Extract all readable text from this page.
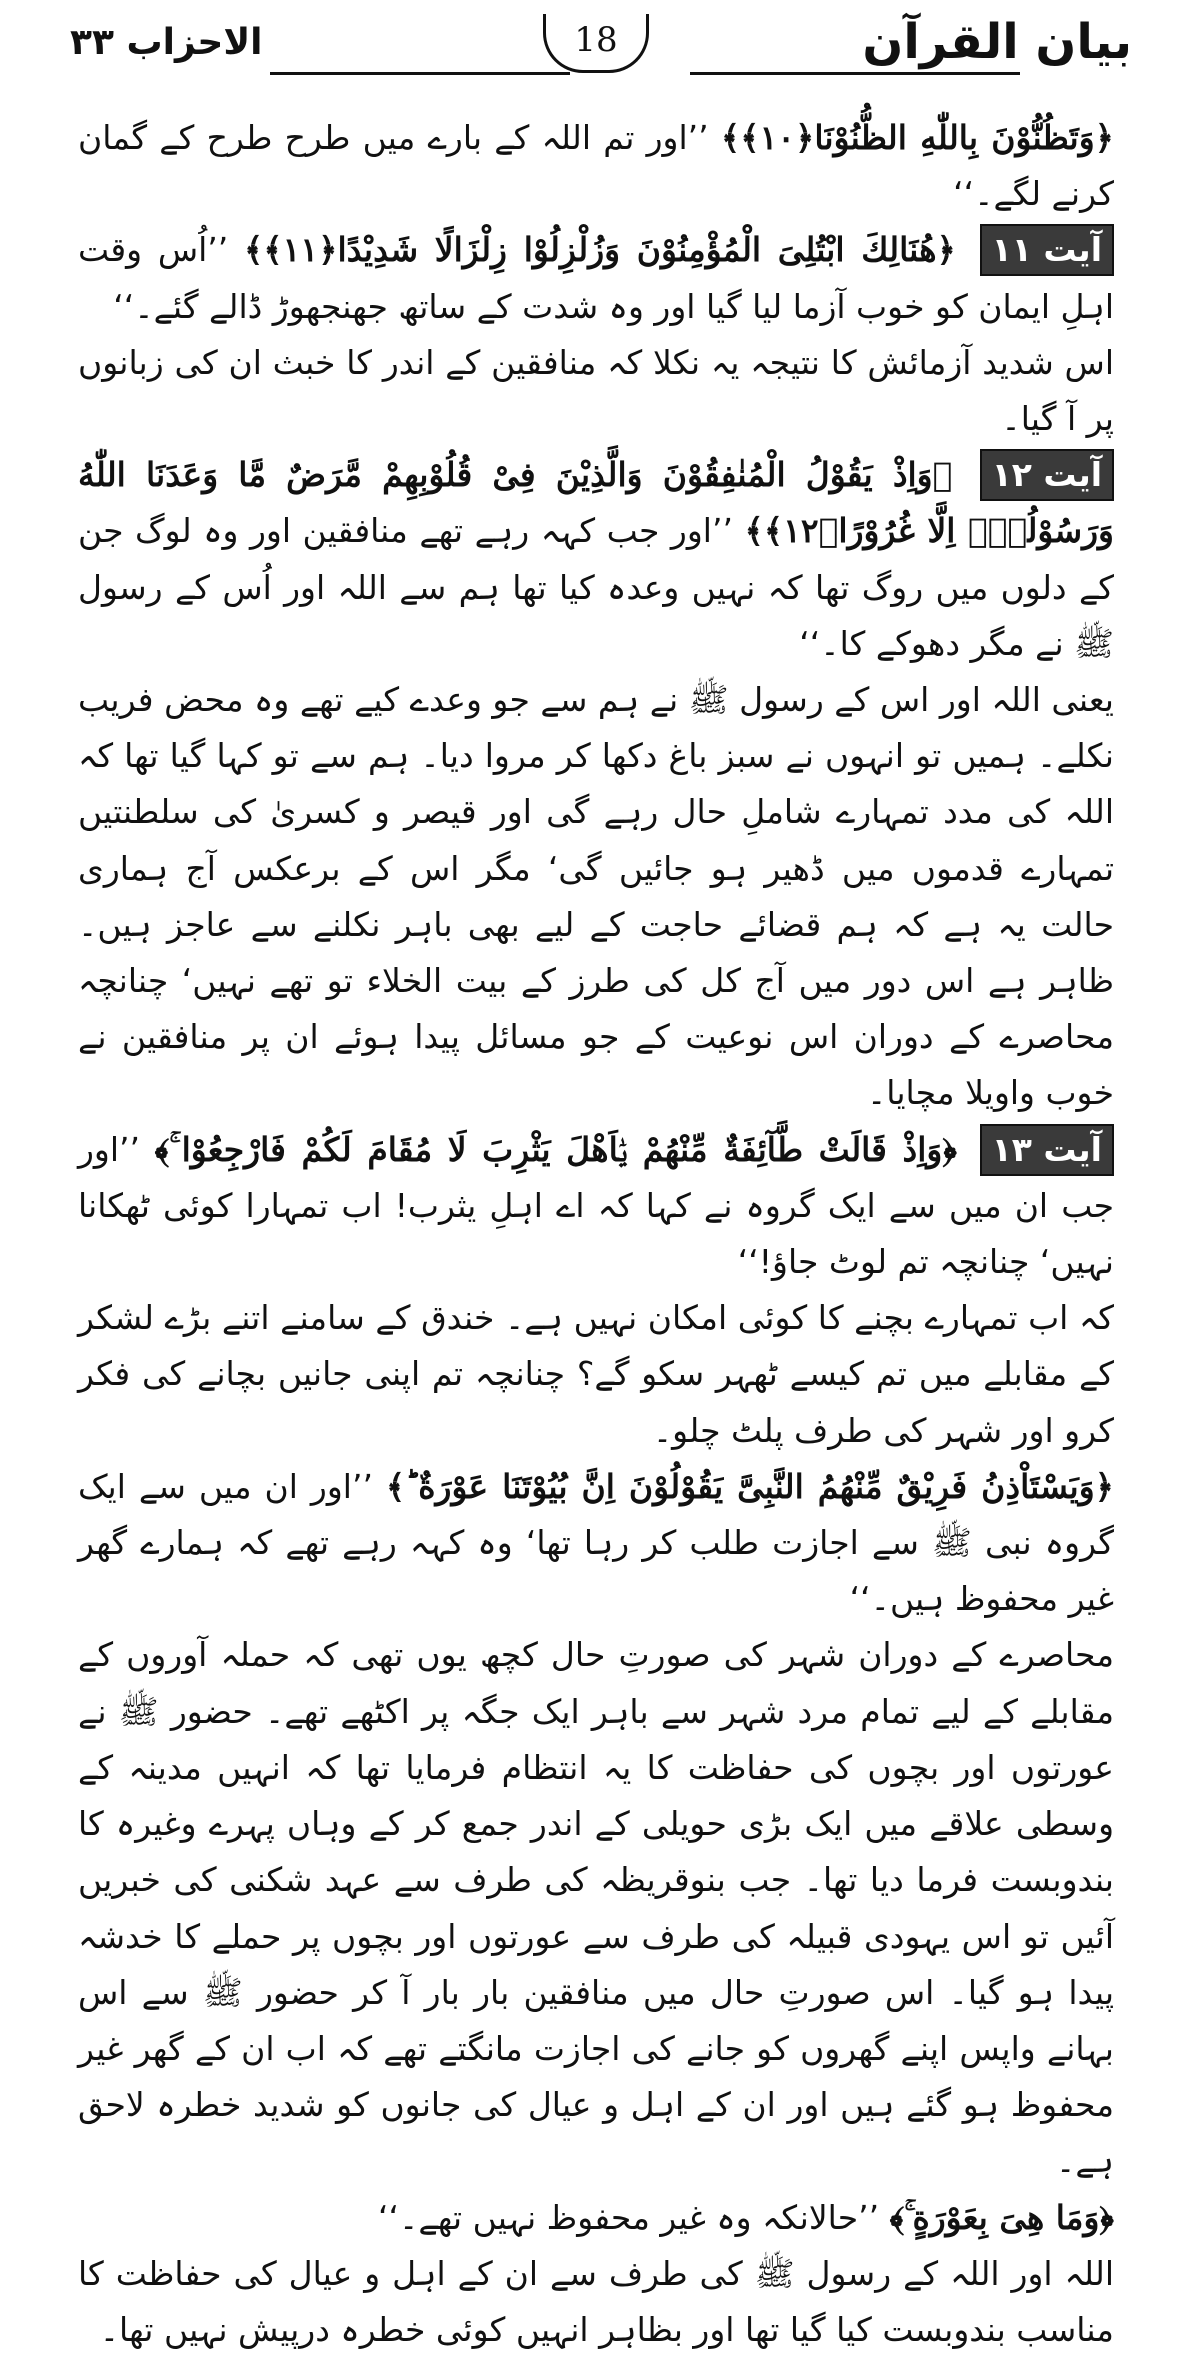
بیان القرآن
18
الاحزاب ۳۳

﴿وَتَظُنُّوْنَ بِاللّٰهِ الظُّنُوْنَا﴿۱۰﴾﴾ ’’اور تم اللہ کے بارے میں طرح طرح کے گمان کرنے لگے۔‘‘

آیت ۱۱ ﴿هُنَالِكَ ابْتُلِیَ الْمُؤْمِنُوْنَ وَزُلْزِلُوْا زِلْزَالًا شَدِیْدًا﴿۱۱﴾﴾ ’’اُس وقت اہلِ ایمان کو خوب آزما لیا گیا اور وہ شدت کے ساتھ جھنجھوڑ ڈالے گئے۔‘‘

اس شدید آزمائش کا نتیجہ یہ نکلا کہ منافقین کے اندر کا خبث ان کی زبانوں پر آ گیا۔

آیت ۱۲ ﴿وَاِذْ یَقُوْلُ الْمُنٰفِقُوْنَ وَالَّذِیْنَ فِیْ قُلُوْبِهِمْ مَّرَضٌ مَّا وَعَدَنَا اللّٰهُ وَرَسُوْلُهٗۤ اِلَّا غُرُوْرًا﴿۱۲﴾﴾ ’’اور جب کہہ رہے تھے منافقین اور وہ لوگ جن کے دلوں میں روگ تھا کہ نہیں وعدہ کیا تھا ہم سے اللہ اور اُس کے رسول ﷺ نے مگر دھوکے کا۔‘‘

یعنی اللہ اور اس کے رسول ﷺ نے ہم سے جو وعدے کیے تھے وہ محض فریب نکلے۔ ہمیں تو انہوں نے سبز باغ دکھا کر مروا دیا۔ ہم سے تو کہا گیا تھا کہ اللہ کی مدد تمہارے شاملِ حال رہے گی اور قیصر و کسریٰ کی سلطنتیں تمہارے قدموں میں ڈھیر ہو جائیں گی‘ مگر اس کے برعکس آج ہماری حالت یہ ہے کہ ہم قضائے حاجت کے لیے بھی باہر نکلنے سے عاجز ہیں۔ ظاہر ہے اس دور میں آج کل کی طرز کے بیت الخلاء تو تھے نہیں‘ چنانچہ محاصرے کے دوران اس نوعیت کے جو مسائل پیدا ہوئے ان پر منافقین نے خوب واویلا مچایا۔

آیت ۱۳ ﴿وَاِذْ قَالَتْ طَّآئِفَةٌ مِّنْهُمْ یٰۤاَهْلَ یَثْرِبَ لَا مُقَامَ لَكُمْ فَارْجِعُوْا ۚ﴾ ’’اور جب ان میں سے ایک گروہ نے کہا کہ اے اہلِ یثرب! اب تمہارا کوئی ٹھکانا نہیں‘ چنانچہ تم لوٹ جاؤ!‘‘

کہ اب تمہارے بچنے کا کوئی امکان نہیں ہے۔ خندق کے سامنے اتنے بڑے لشکر کے مقابلے میں تم کیسے ٹھہر سکو گے؟ چنانچہ تم اپنی جانیں بچانے کی فکر کرو اور شہر کی طرف پلٹ چلو۔

﴿وَیَسْتَاْذِنُ فَرِیْقٌ مِّنْهُمُ النَّبِیَّ یَقُوْلُوْنَ اِنَّ بُیُوْتَنَا عَوْرَةٌ ؕ﴾ ’’اور ان میں سے ایک گروہ نبی ﷺ سے اجازت طلب کر رہا تھا‘ وہ کہہ رہے تھے کہ ہمارے گھر غیر محفوظ ہیں۔‘‘

محاصرے کے دوران شہر کی صورتِ حال کچھ یوں تھی کہ حملہ آوروں کے مقابلے کے لیے تمام مرد شہر سے باہر ایک جگہ پر اکٹھے تھے۔ حضور ﷺ نے عورتوں اور بچوں کی حفاظت کا یہ انتظام فرمایا تھا کہ انہیں مدینہ کے وسطی علاقے میں ایک بڑی حویلی کے اندر جمع کر کے وہاں پہرے وغیرہ کا بندوبست فرما دیا تھا۔ جب بنوقریظہ کی طرف سے عہد شکنی کی خبریں آئیں تو اس یہودی قبیلہ کی طرف سے عورتوں اور بچوں پر حملے کا خدشہ پیدا ہو گیا۔ اس صورتِ حال میں منافقین بار بار آ کر حضور ﷺ سے اس بہانے واپس اپنے گھروں کو جانے کی اجازت مانگتے تھے کہ اب ان کے گھر غیر محفوظ ہو گئے ہیں اور ان کے اہل و عیال کی جانوں کو شدید خطرہ لاحق ہے۔

﴿وَمَا هِیَ بِعَوْرَةٍ ۚ﴾ ’’حالانکہ وہ غیر محفوظ نہیں تھے۔‘‘

اللہ اور اللہ کے رسول ﷺ کی طرف سے ان کے اہل و عیال کی حفاظت کا مناسب بندوبست کیا گیا تھا اور بظاہر انہیں کوئی خطرہ درپیش نہیں تھا۔
